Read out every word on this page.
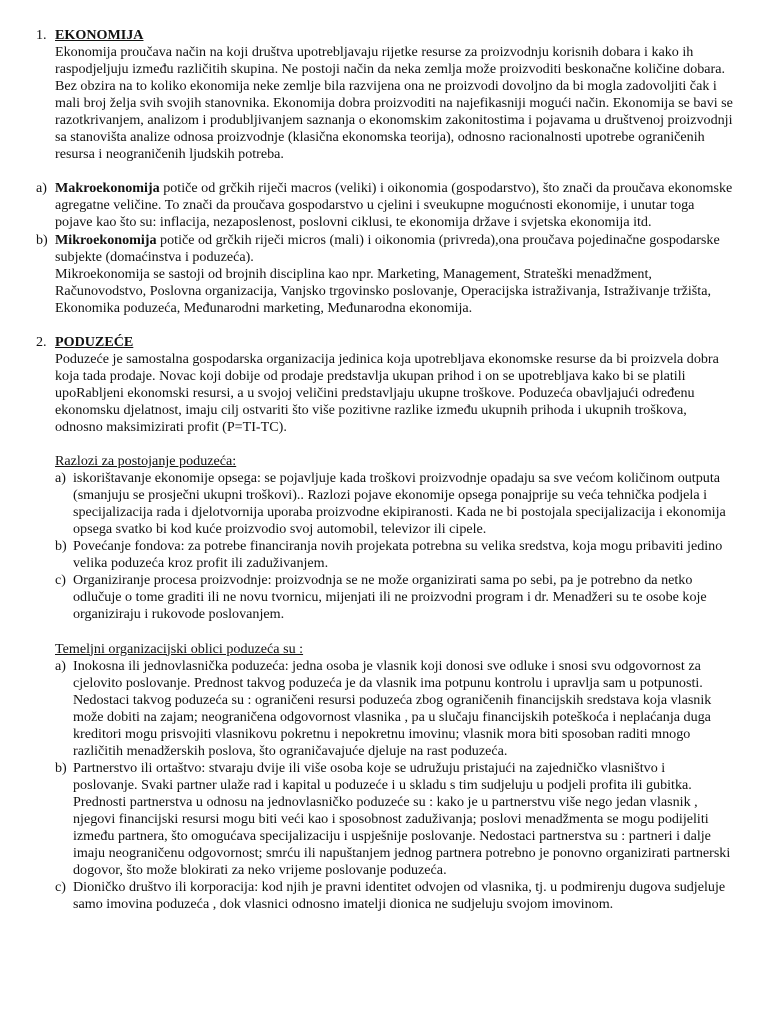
1. EKONOMIJA

Ekonomija proučava način na koji društva upotrebljavaju rijetke resurse za proizvodnju korisnih dobara i kako ih raspodjeljuju između različitih skupina. Ne postoji način da neka zemlja može proizvoditi beskonačne količine dobara. Bez obzira na to koliko ekonomija neke zemlje bila razvijena ona ne proizvodi dovoljno da bi mogla zadovoljiti čak i mali broj želja svih svojih stanovnika. Ekonomija dobra proizvoditi na najefikasniji mogući način. Ekonomija se bavi se razotkrivanjem, analizom i produbljivanjem saznanja o ekonomskim zakonitostima i pojavama u društvenoj proizvodnji sa stanovišta analize odnosa proizvodnje (klasična ekonomska teorija), odnosno racionalnosti upotrebe ograničenih resursa i neograničenih ljudskih potreba.

a) Makroekonomija potiče od grčkih riječi macros (veliki) i oikonomia (gospodarstvo), što znači da proučava ekonomske agregatne veličine. To znači da proučava gospodarstvo u cjelini i sveukupne mogućnosti ekonomije, i unutar toga pojave kao što su: inflacija, nezaposlenost, poslovni ciklusi, te ekonomija države i svjetska ekonomija itd.

b) Mikroekonomija potiče od grčkih riječi micros (mali) i oikonomia (privreda),ona proučava pojedinačne gospodarske subjekte (domaćinstva i poduzeća).

Mikroekonomija se sastoji od brojnih disciplina kao npr. Marketing, Management, Strateški menadžment, Računovodstvo, Poslovna organizacija, Vanjsko trgovinsko poslovanje, Operacijska istraživanja, Istraživanje tržišta, Ekonomika poduzeća, Međunarodni marketing, Međunarodna ekonomija.

2. PODUZEĆE

Poduzeće je samostalna gospodarska organizacija jedinica koja upotrebljava ekonomske resurse da bi proizvela dobra koja tada prodaje. Novac koji dobije od prodaje predstavlja ukupan prihod i on se upotrebljava kako bi se platili upoRabljeni ekonomski resursi, a u svojoj veličini predstavljaju ukupne troškove. Poduzeća obavljajući određenu ekonomsku djelatnost, imaju cilj ostvariti što više pozitivne razlike između ukupnih prihoda i ukupnih troškova, odnosno maksimizirati profit (P=TI-TC).

Razlozi za postojanje poduzeća:
a) iskorištavanje ekonomije opsega: se pojavljuje kada troškovi proizvodnje opadaju sa sve većom količinom outputa (smanjuju se prosječni ukupni troškovi).. Razlozi pojave ekonomije opsega ponajprije su veća tehnička podjela i specijalizacija rada i djelotvornija uporaba proizvodne ekipiranosti. Kada ne bi postojala specijalizacija i ekonomija opsega svatko bi kod kuće proizvodio svoj automobil, televizor ili cipele.

b) Povećanje fondova: za potrebe financiranja novih projekata potrebna su velika sredstva, koja mogu pribaviti jedino velika poduzeća kroz profit ili zaduživanjem.

c) Organiziranje procesa proizvodnje: proizvodnja se ne može organizirati sama po sebi, pa je potrebno da netko odlučuje o tome graditi ili ne novu tvornicu, mijenjati ili ne proizvodni program i dr. Menadžeri su te osobe koje organiziraju i rukovode poslovanjem.

Temeljni organizacijski oblici poduzeća su :
a) Inokosna ili jednovlasničkа poduzeća: jedna osoba je vlasnik koji donosi sve odluke i snosi svu odgovornost za cjelovito poslovanje. Prednost takvog poduzeća je da vlasnik ima potpunu kontrolu i upravlja sam u potpunosti. Nedostaci takvog poduzeća su : ograničeni resursi poduzeća zbog ograničenih financijskih sredstava koja vlasnik može dobiti na zajam; neograničena odgovornost vlasnika , pa u slučaju financijskih poteškoća i neplaćanja duga kreditori mogu prisvojiti vlasnikovu pokretnu i nepokretnu imovinu; vlasnik mora biti sposoban raditi mnogo različitih menadžerskih poslova, što ograničavajuće djeluje na rast poduzeća.

b) Partnerstvo ili ortaštvo: stvaraju dvije ili više osoba koje se udružuju pristajući na zajedničko vlasništvo i poslovanje. Svaki partner ulaže rad i kapital u poduzeće i u skladu s tim sudjeluju u podjeli profita ili gubitka. Prednosti partnerstva u odnosu na jednovlasničko poduzeće su : kako je u partnerstvu više nego jedan vlasnik , njegovi financijski resursi mogu biti veći kao i sposobnost zaduživanja; poslovi menadžmenta se mogu podijeliti između partnera, što omogućava specijalizaciju i uspješnije poslovanje. Nedostaci partnerstva su : partneri i dalje imaju neograničenu odgovornost; smrću ili napuštanjem jednog partnera potrebno je ponovno organizirati partnerski dogovor, što može blokirati za neko vrijeme poslovanje poduzeća.

c) Dioničko društvo ili korporacija: kod njih je pravni identitet odvojen od vlasnika, tj. u podmirenju dugova sudjeluje samo imovina poduzeća , dok vlasnici odnosno imatelji dionica ne sudjeluju svojom imovinom.
